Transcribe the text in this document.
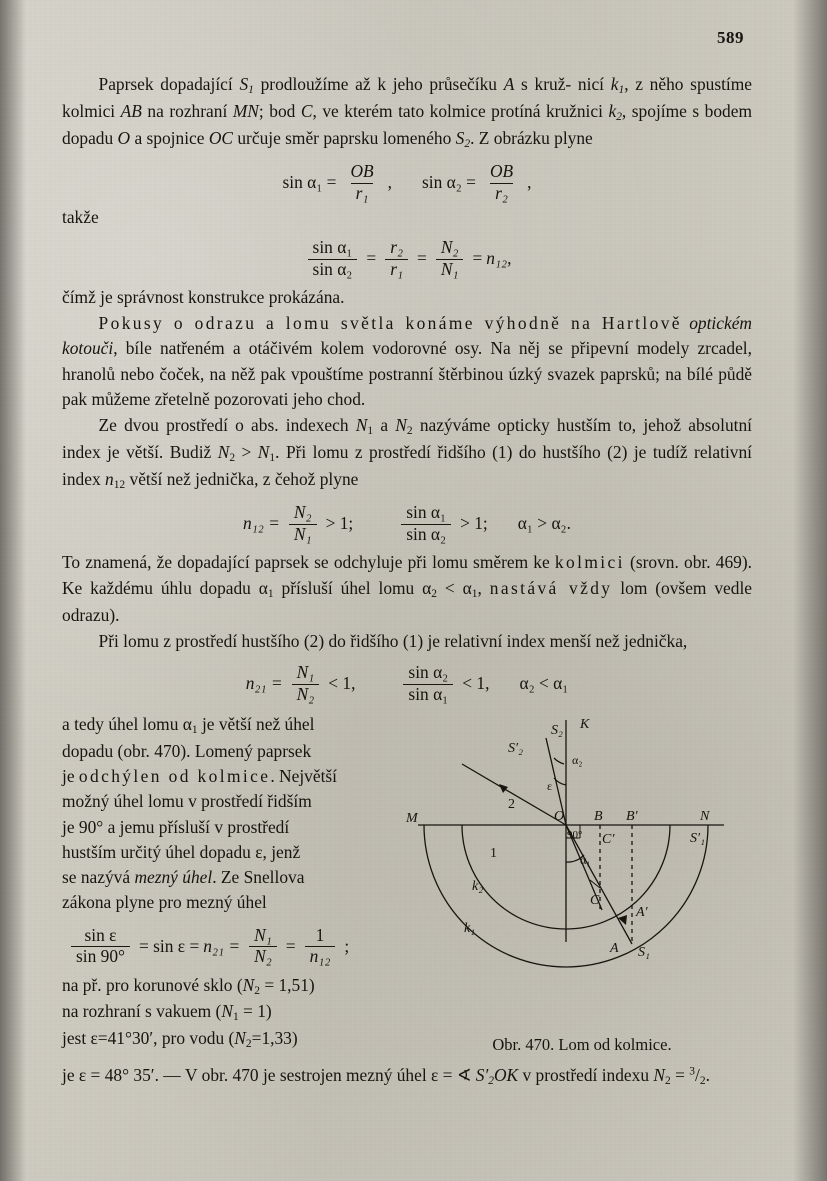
589

Paprsek dopadající $S_1$ prodloužíme až k jeho průsečíku A s kruž- nicí $k_1$, z něho spustíme kolmici AB na rozhraní MN; bod C, ve kterém tato kolmice protíná kružnici $k_2$, spojíme s bodem dopadu O a spojnice OC určuje směr paprsku lomeného $S_2$. Z obrázku plyne

$\sin \alpha_1 = \frac{OB}{\text{r₁}}$ , $\sin \alpha_2 = \frac{OB}{\text{r₂}}$ ,

takže

$\frac{\text{sin α₁}}{\text{sin α₂}} = \frac{\text{r₂}}{\text{r₁}} = \frac{\text{N₂}}{\text{N₁}} = n_{12}$,

čímž je správnost konstrukce prokázána.

Pokusy o odrazu a lomu světla konáme výhodně na Hartlově optickém kotouči, bíle natřeném a otáčivém kolem vodorovné osy. Na něj se připevní modely zrcadel, hranolů nebo čoček, na něž pak vpouštíme postranní štěrbinou úzký svazek paprsků; na bílé půdě pak můžeme zřetelně pozorovati jeho chod.

Ze dvou prostředí o abs. indexech $N_1$ a $N_2$ nazýváme opticky hustším to, jehož absolutní index je větší. Budiž $N_2 > N_1$. Při lomu z prostředí řidšího (1) do hustšího (2) je tudíž relativní index $n_{12}$ větší než jednička, z čehož plyne

$n_{12} = \frac{\text{N₂}}{\text{N₁}} > 1$;	$\frac{\text{sin α₁}}{\text{sin α₂}} > 1$; α₁ > α₂.

To znamená, že dopadající paprsek se odchyluje při lomu směrem ke kolmici (srovn. obr. 469). Ke každému úhlu dopadu $\alpha_1$ přísluší úhel lomu $\alpha_2 < \alpha_1$, nastává vždy lom (ovšem vedle odrazu).

Při lomu z prostředí hustšího (2) do řidšího (1) je relativní index menší než jednička,

$n_{21} = \frac{\text{N₁}}{\text{N₂}} < 1$,	$\frac{\text{sin α₂}}{\text{sin α₁}} < 1$, α₂ < α₁

a tedy úhel lomu $\alpha_1$ je větší než úhel

dopadu (obr. 470). Lomený paprsek

je odchýlen od kolmice. Největší

možný úhel lomu v prostředí řidším

je 90° a jemu přísluší v prostředí

hustším určitý úhel dopadu ε, jenž

se nazývá mezný úhel. Ze Snellova

zákona plyne pro mezný úhel

$\frac{\text{sin ε}}{\sin 90^\circ} = \sin \varepsilon = n_{21} = \frac{\text{N₁}}{\text{N₂}} = \frac{1}{\text{n₁₂}}$ ;

na př. pro korunové sklo $(N_2 = 1,51)$

na rozhraní s vakuem $(N_1 = 1)$

jest ε=41°30′, pro vodu $(N_2=1,33)$

S₂ K
S′₂
α₂
ε
M
2
O B B′	N
90° C′	S′₁
1
k₂
α₁
C
A′
k₁
A S₁
Obr. 470. Lom od kolmice.

je ε = 48° 35′. — V obr. 470 je sestrojen mezný úhel ε = ∢ $S'_2OK$ v prostředí indexu $N_2 = ^3/_2$.
